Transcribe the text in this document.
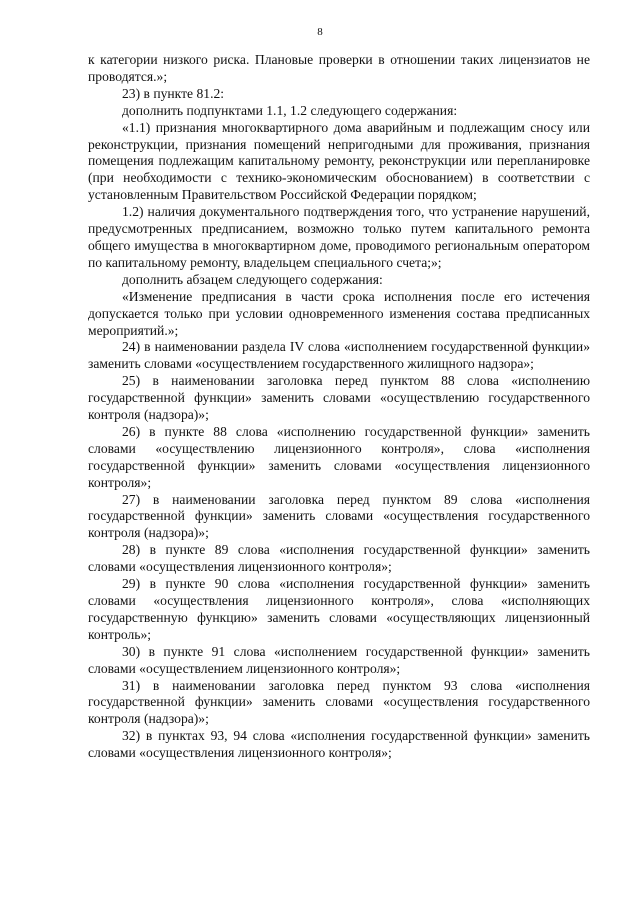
8

к категории низкого риска. Плановые проверки в отношении таких лицензиатов не проводятся.»;

23) в пункте 81.2:

дополнить подпунктами 1.1, 1.2 следующего содержания:

«1.1) признания многоквартирного дома аварийным и подлежащим сносу или реконструкции, признания помещений непригодными для проживания, признания помещения подлежащим капитальному ремонту, реконструкции или перепланировке (при необходимости с технико-экономическим обоснованием) в соответствии с установленным Правительством Российской Федерации порядком;

1.2) наличия документального подтверждения того, что устранение нарушений, предусмотренных предписанием, возможно только путем капитального ремонта общего имущества в многоквартирном доме, проводимого региональным оператором по капитальному ремонту, владельцем специального счета;»;

дополнить абзацем следующего содержания:

«Изменение предписания в части срока исполнения после его истечения допускается только при условии одновременного изменения состава предписанных мероприятий.»;

24) в наименовании раздела IV слова «исполнением государственной функции» заменить словами «осуществлением государственного жилищного надзора»;

25) в наименовании заголовка перед пунктом 88 слова «исполнению государственной функции» заменить словами «осуществлению государственного контроля (надзора)»;

26) в пункте 88 слова «исполнению государственной функции» заменить словами «осуществлению лицензионного контроля», слова «исполнения государственной функции» заменить словами «осуществления лицензионного контроля»;

27) в наименовании заголовка перед пунктом 89 слова «исполнения государственной функции» заменить словами «осуществления государственного контроля (надзора)»;

28) в пункте 89 слова «исполнения государственной функции» заменить словами «осуществления лицензионного контроля»;

29) в пункте 90 слова «исполнения государственной функции» заменить словами «осуществления лицензионного контроля», слова «исполняющих государственную функцию» заменить словами «осуществляющих лицензионный контроль»;

30) в пункте 91 слова «исполнением государственной функции» заменить словами «осуществлением лицензионного контроля»;

31) в наименовании заголовка перед пунктом 93 слова «исполнения государственной функции» заменить словами «осуществления государственного контроля (надзора)»;

32) в пунктах 93, 94 слова «исполнения государственной функции» заменить словами «осуществления лицензионного контроля»;
